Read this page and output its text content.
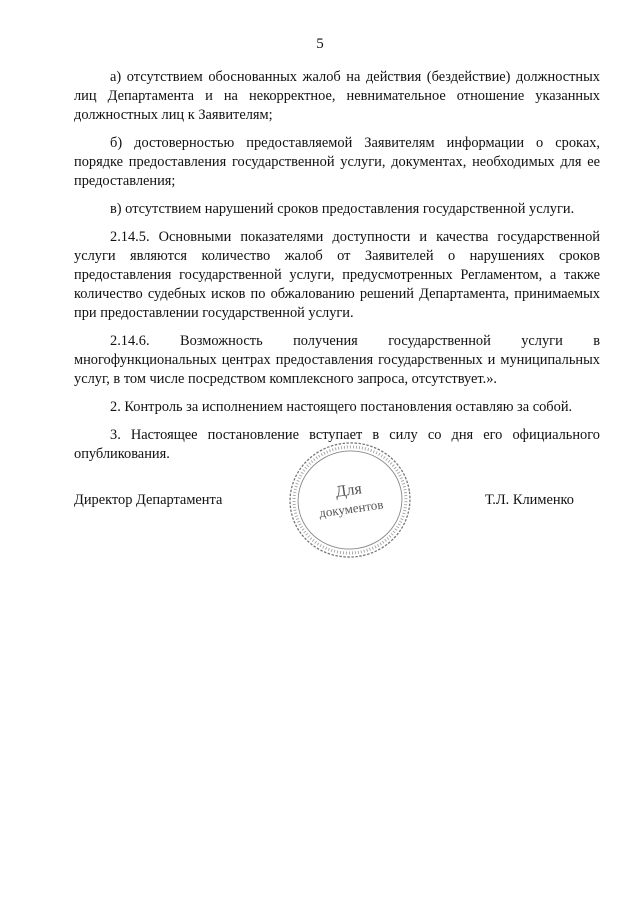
5

а) отсутствием обоснованных жалоб на действия (бездействие) должностных лиц Департамента и на некорректное, невнимательное отношение указанных должностных лиц к Заявителям;

б) достоверностью предоставляемой Заявителям информации о сроках, порядке предоставления государственной услуги, документах, необходимых для ее предоставления;

в) отсутствием нарушений сроков предоставления государственной услуги.

2.14.5. Основными показателями доступности и качества государственной услуги являются количество жалоб от Заявителей о нарушениях сроков предоставления государственной услуги, предусмотренных Регламентом, а также количество судебных исков по обжалованию решений Департамента, принимаемых при предоставлении государственной услуги.

2.14.6. Возможность получения государственной услуги в многофункциональных центрах предоставления государственных и муниципальных услуг, в том числе посредством комплексного запроса, отсутствует.».

2. Контроль за исполнением настоящего постановления оставляю за собой.

3. Настоящее постановление вступает в силу со дня его официального опубликования.

Директор Департамента	Т.Л. Клименко
Для
документов
